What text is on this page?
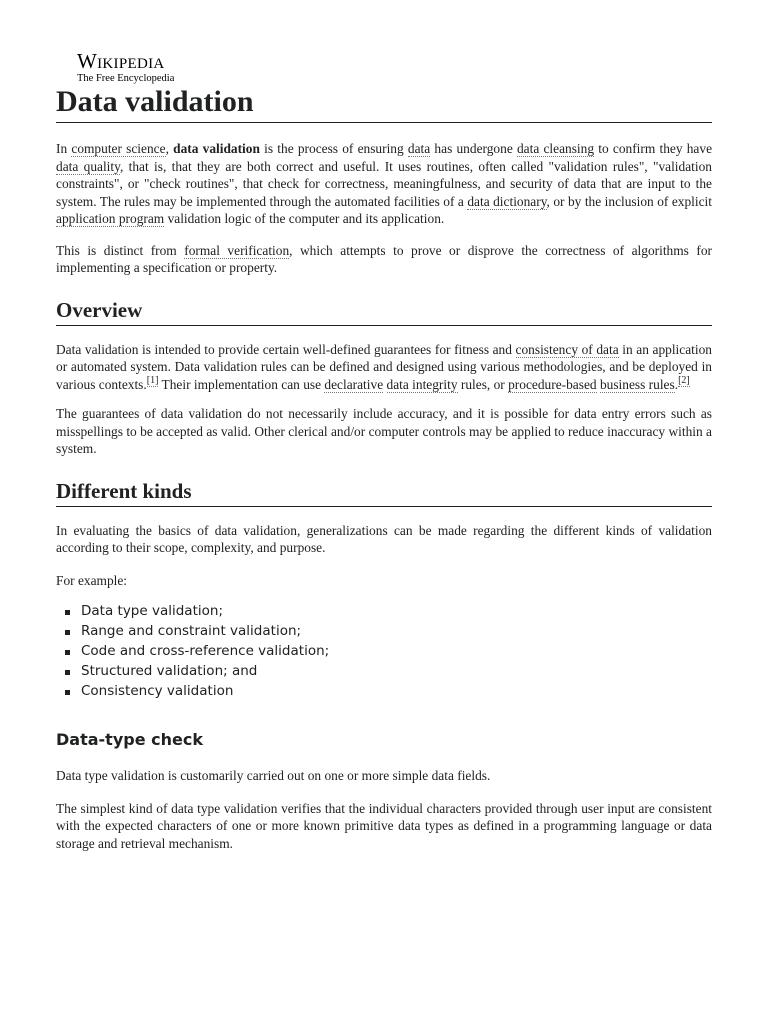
Wikipedia
The Free Encyclopedia
Data validation

In computer science, data validation is the process of ensuring data has undergone data cleansing to confirm they have data quality, that is, that they are both correct and useful. It uses routines, often called "validation rules", "validation constraints", or "check routines", that check for correctness, meaningfulness, and security of data that are input to the system. The rules may be implemented through the automated facilities of a data dictionary, or by the inclusion of explicit application program validation logic of the computer and its application.

This is distinct from formal verification, which attempts to prove or disprove the correctness of algorithms for implementing a specification or property.

Overview

Data validation is intended to provide certain well-defined guarantees for fitness and consistency of data in an application or automated system. Data validation rules can be defined and designed using various methodologies, and be deployed in various contexts.[1] Their implementation can use declarative data integrity rules, or procedure-based business rules.[2]

The guarantees of data validation do not necessarily include accuracy, and it is possible for data entry errors such as misspellings to be accepted as valid. Other clerical and/or computer controls may be applied to reduce inaccuracy within a system.

Different kinds

In evaluating the basics of data validation, generalizations can be made regarding the different kinds of validation according to their scope, complexity, and purpose.

For example:

Data type validation;
Range and constraint validation;
Code and cross-reference validation;
Structured validation; and
Consistency validation
Data-type check

Data type validation is customarily carried out on one or more simple data fields.

The simplest kind of data type validation verifies that the individual characters provided through user input are consistent with the expected characters of one or more known primitive data types as defined in a programming language or data storage and retrieval mechanism.
